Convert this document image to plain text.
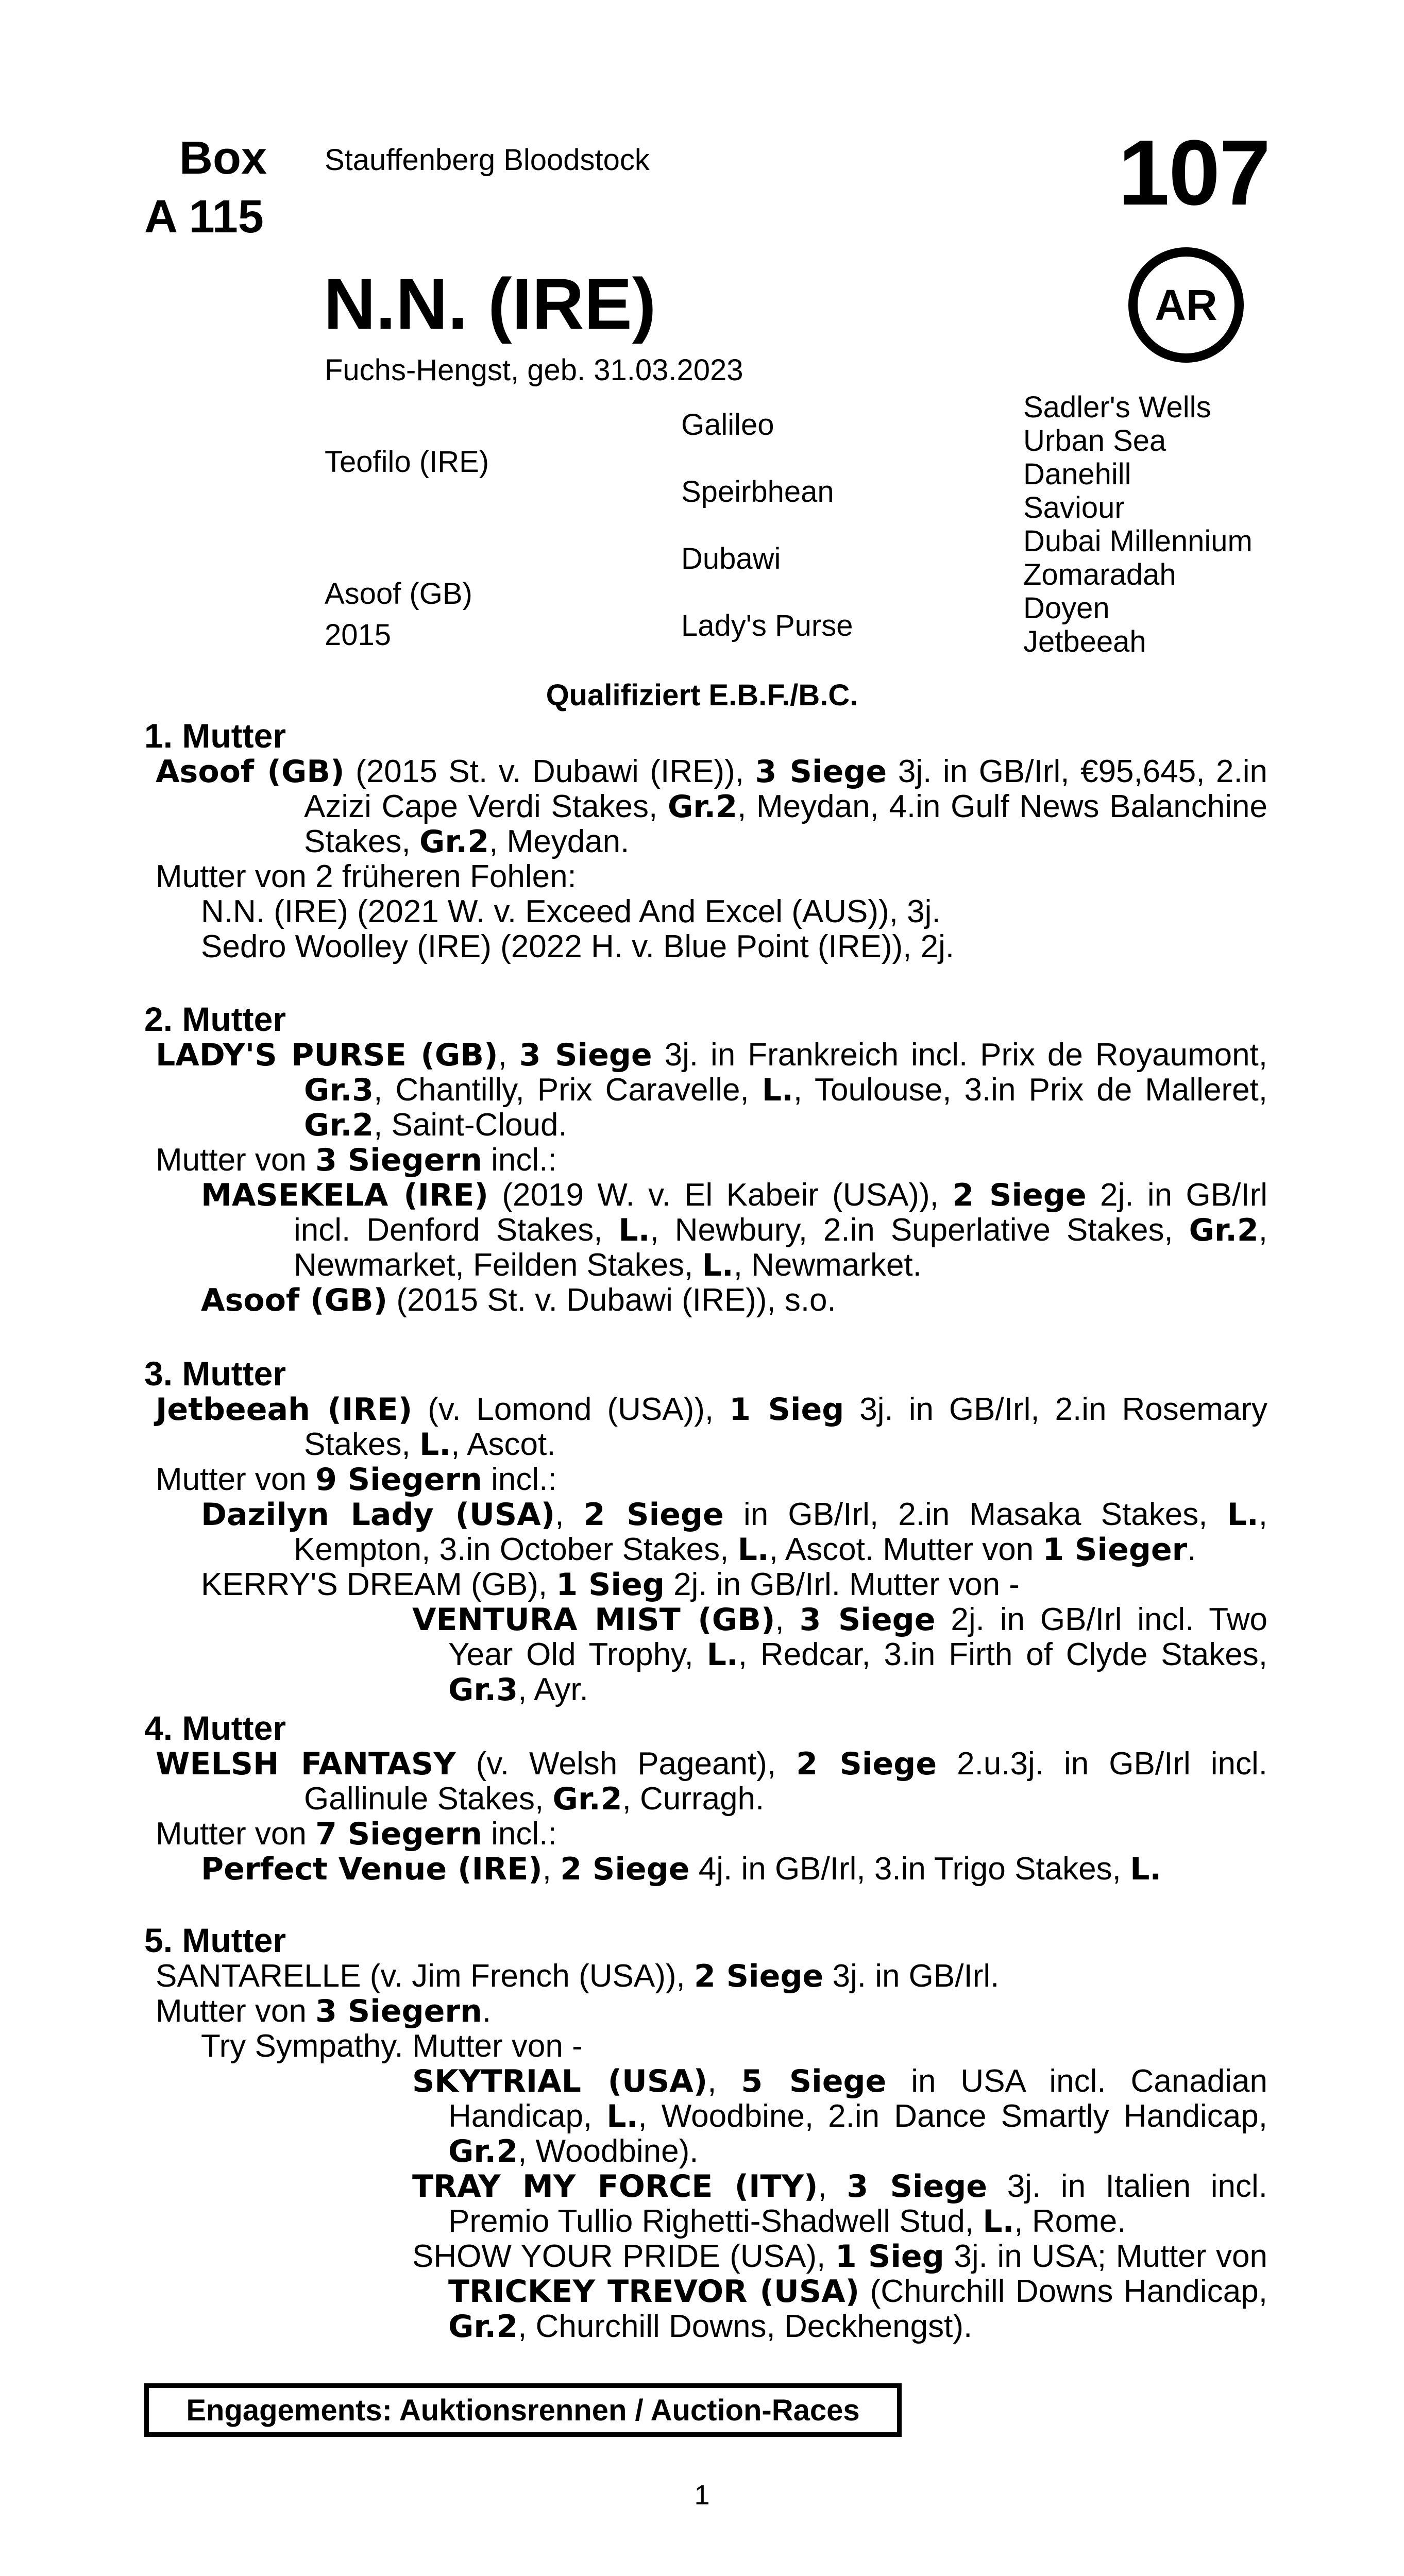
Box
A 115
Stauffenberg Bloodstock	107
AR
N.N. (IRE)
Fuchs-Hengst, geb. 31.03.2023
Teofilo (IRE)
Asoof (GB)
2015
Galileo
Speirbhean
Dubawi
Lady's Purse
Sadler's Wells
Urban Sea
Danehill
Saviour
Dubai Millennium
Zomaradah
Doyen
Jetbeeah
Qualifiziert E.B.F./B.C.
1. Mutter
Asoof (GB) (2015 St. v. Dubawi (IRE)), 3 Siege 3j. in GB/Irl, €95,645, 2.in Azizi Cape Verdi Stakes, Gr.2, Meydan, 4.in Gulf News Balanchine Stakes, Gr.2, Meydan.
Mutter von 2 früheren Fohlen:
N.N. (IRE) (2021 W. v. Exceed And Excel (AUS)), 3j.
Sedro Woolley (IRE) (2022 H. v. Blue Point (IRE)), 2j.
2. Mutter
LADY'S PURSE (GB), 3 Siege 3j. in Frankreich incl. Prix de Royaumont, Gr.3, Chantilly, Prix Caravelle, L., Toulouse, 3.in Prix de Malleret, Gr.2, Saint-Cloud.
Mutter von 3 Siegern incl.:
MASEKELA (IRE) (2019 W. v. El Kabeir (USA)), 2 Siege 2j. in GB/Irl incl. Denford Stakes, L., Newbury, 2.in Superlative Stakes, Gr.2, Newmarket, Feilden Stakes, L., Newmarket.
Asoof (GB) (2015 St. v. Dubawi (IRE)), s.o.
3. Mutter
Jetbeeah (IRE) (v. Lomond (USA)), 1 Sieg 3j. in GB/Irl, 2.in Rosemary Stakes, L., Ascot.
Mutter von 9 Siegern incl.:
Dazilyn Lady (USA), 2 Siege in GB/Irl, 2.in Masaka Stakes, L., Kempton, 3.in October Stakes, L., Ascot. Mutter von 1 Sieger.
KERRY'S DREAM (GB), 1 Sieg 2j. in GB/Irl. Mutter von -
VENTURA MIST (GB), 3 Siege 2j. in GB/Irl incl. Two Year Old Trophy, L., Redcar, 3.in Firth of Clyde Stakes, Gr.3, Ayr.
4. Mutter
WELSH FANTASY (v. Welsh Pageant), 2 Siege 2.u.3j. in GB/Irl incl. Gallinule Stakes, Gr.2, Curragh.
Mutter von 7 Siegern incl.:
Perfect Venue (IRE), 2 Siege 4j. in GB/Irl, 3.in Trigo Stakes, L.
5. Mutter
SANTARELLE (v. Jim French (USA)), 2 Siege 3j. in GB/Irl.
Mutter von 3 Siegern.
Try Sympathy. Mutter von -
SKYTRIAL (USA), 5 Siege in USA incl. Canadian Handicap, L., Woodbine, 2.in Dance Smartly Handicap, Gr.2, Woodbine).
TRAY MY FORCE (ITY), 3 Siege 3j. in Italien incl. Premio Tullio Righetti-Shadwell Stud, L., Rome.
SHOW YOUR PRIDE (USA), 1 Sieg 3j. in USA; Mutter von TRICKEY TREVOR (USA) (Churchill Downs Handicap, Gr.2, Churchill Downs, Deckhengst).
Engagements: Auktionsrennen / Auction-Races
1
